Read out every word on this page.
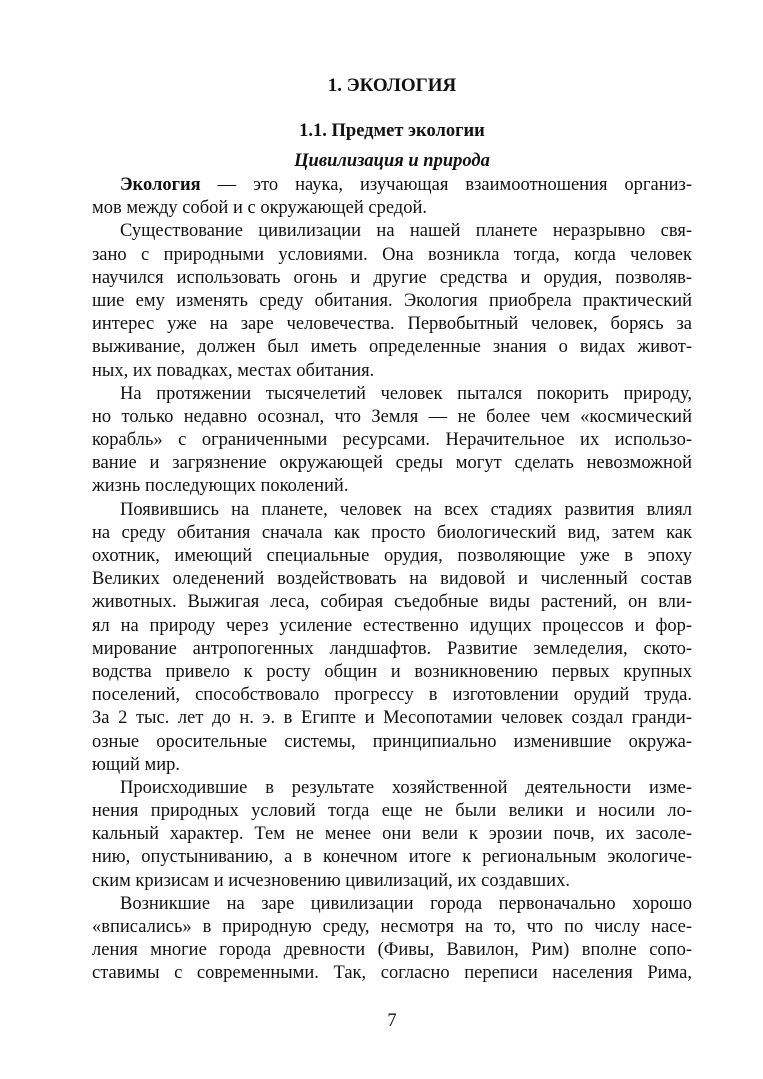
1. ЭКОЛОГИЯ
1.1. Предмет экологии
Цивилизация и природа
Экология — это наука, изучающая взаимоотношения организ-
мов между собой и с окружающей средой.
Существование цивилизации на нашей планете неразрывно свя-
зано с природными условиями. Она возникла тогда, когда человек
научился использовать огонь и другие средства и орудия, позволяв-
шие ему изменять среду обитания. Экология приобрела практический
интерес уже на заре человечества. Первобытный человек, борясь за
выживание, должен был иметь определенные знания о видах живот-
ных, их повадках, местах обитания.
На протяжении тысячелетий человек пытался покорить природу,
но только недавно осознал, что Земля — не более чем «космический
корабль» с ограниченными ресурсами. Нерачительное их использо-
вание и загрязнение окружающей среды могут сделать невозможной
жизнь последующих поколений.
Появившись на планете, человек на всех стадиях развития влиял
на среду обитания сначала как просто биологический вид, затем как
охотник, имеющий специальные орудия, позволяющие уже в эпоху
Великих оледенений воздействовать на видовой и численный состав
животных. Выжигая леса, собирая съедобные виды растений, он вли-
ял на природу через усиление естественно идущих процессов и фор-
мирование антропогенных ландшафтов. Развитие земледелия, ското-
водства привело к росту общин и возникновению первых крупных
поселений, способствовало прогрессу в изготовлении орудий труда.
За 2 тыс. лет до н. э. в Египте и Месопотамии человек создал гранди-
озные оросительные системы, принципиально изменившие окружа-
ющий мир.
Происходившие в результате хозяйственной деятельности изме-
нения природных условий тогда еще не были велики и носили ло-
кальный характер. Тем не менее они вели к эрозии почв, их засоле-
нию, опустыниванию, а в конечном итоге к региональным экологиче-
ским кризисам и исчезновению цивилизаций, их создавших.
Возникшие на заре цивилизации города первоначально хорошо
«вписались» в природную среду, несмотря на то, что по числу насе-
ления многие города древности (Фивы, Вавилон, Рим) вполне сопо-
ставимы с современными. Так, согласно переписи населения Рима,
7
